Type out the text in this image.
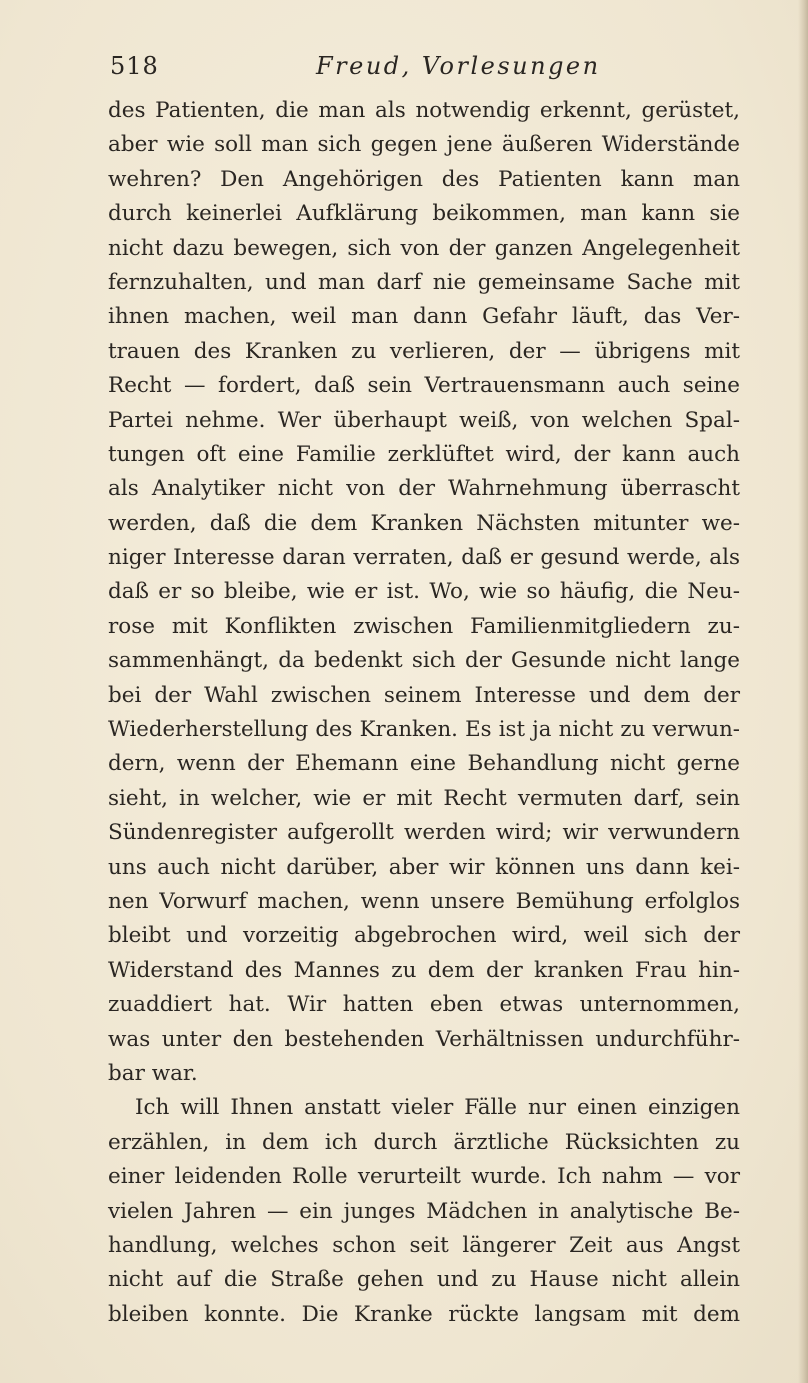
518	Freud, Vorlesungen
des Patienten, die man als notwendig erkennt, gerüstet,
aber wie soll man sich gegen jene äußeren Widerstände
wehren? Den Angehörigen des Patienten kann man
durch keinerlei Aufklärung beikommen, man kann sie
nicht dazu bewegen, sich von der ganzen Angelegenheit
fernzuhalten, und man darf nie gemeinsame Sache mit
ihnen machen, weil man dann Gefahr läuft, das Ver-
trauen des Kranken zu verlieren, der — übrigens mit
Recht — fordert, daß sein Vertrauensmann auch seine
Partei nehme. Wer überhaupt weiß, von welchen Spal-
tungen oft eine Familie zerklüftet wird, der kann auch
als Analytiker nicht von der Wahrnehmung überrascht
werden, daß die dem Kranken Nächsten mitunter we-
niger Interesse daran verraten, daß er gesund werde, als
daß er so bleibe, wie er ist. Wo, wie so häufig, die Neu-
rose mit Konflikten zwischen Familienmitgliedern zu-
sammenhängt, da bedenkt sich der Gesunde nicht lange
bei der Wahl zwischen seinem Interesse und dem der
Wiederherstellung des Kranken. Es ist ja nicht zu verwun-
dern, wenn der Ehemann eine Behandlung nicht gerne
sieht, in welcher, wie er mit Recht vermuten darf, sein
Sündenregister aufgerollt werden wird; wir verwundern
uns auch nicht darüber, aber wir können uns dann kei-
nen Vorwurf machen, wenn unsere Bemühung erfolglos
bleibt und vorzeitig abgebrochen wird, weil sich der
Widerstand des Mannes zu dem der kranken Frau hin-
zuaddiert hat. Wir hatten eben etwas unternommen,
was unter den bestehenden Verhältnissen undurchführ-
bar war.
Ich will Ihnen anstatt vieler Fälle nur einen einzigen
erzählen, in dem ich durch ärztliche Rücksichten zu
einer leidenden Rolle verurteilt wurde. Ich nahm — vor
vielen Jahren — ein junges Mädchen in analytische Be-
handlung, welches schon seit längerer Zeit aus Angst
nicht auf die Straße gehen und zu Hause nicht allein
bleiben konnte. Die Kranke rückte langsam mit dem
